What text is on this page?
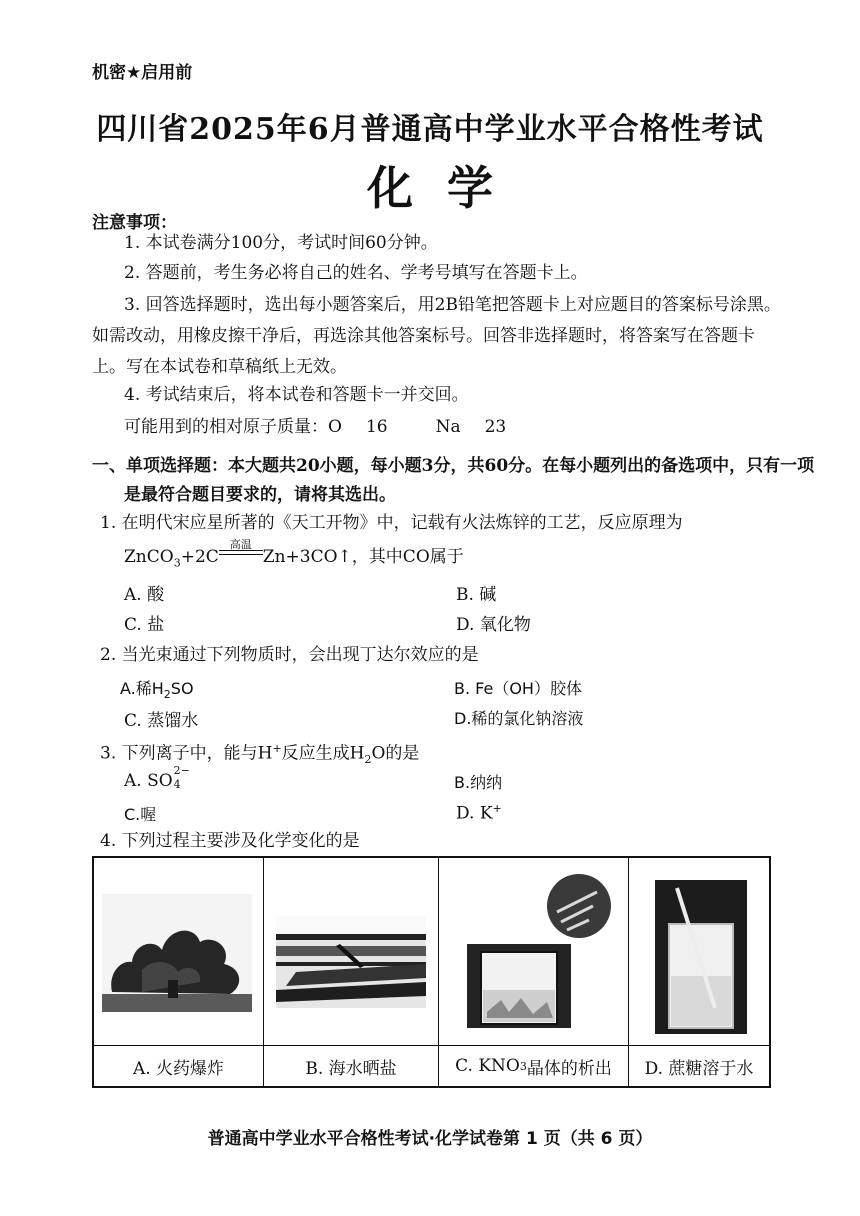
机密★启用前
四川省2025年6月普通高中学业水平合格性考试
化学
注意事项：
1. 本试卷满分100分，考试时间60分钟。
2. 答题前，考生务必将自己的姓名、学考号填写在答题卡上。
3. 回答选择题时，选出每小题答案后，用2B铅笔把答题卡上对应题目的答案标号涂黑。如需改动，用橡皮擦干净后，再选涂其他答案标号。回答非选择题时，将答案写在答题卡上。写在本试卷和草稿纸上无效。
4. 考试结束后，将本试卷和答题卡一并交回。
可能用到的相对原子质量：O 16	Na 23
一、单项选择题：本大题共20小题，每小题3分，共60分。在每小题列出的备选项中，只有一项是最符合题目要求的，请将其选出。
1. 在明代宋应星所著的《天工开物》中，记载有火法炼锌的工艺，反应原理为
ZnCO$_3$+2C
高温
Zn+3CO↑，其中CO属于
A. 酸	B. 碱
C. 盐	D. 氧化物
2. 当光束通过下列物质时，会出现丁达尔效应的是
A.稀$H_2SO$	B. Fe（OH）胶体
C. 蒸馏水	D.稀的氯化钠溶液
3. 下列离子中，能与H+反应生成$H_2O$的是
A. SO
2−
4	B.纳纳
C.喔	D. K+
4. 下列过程主要涉及化学变化的是
A. 火药爆炸	B. 海水晒盐	C. KNO 3 晶体的析出	D. 蔗糖溶于水
普通高中学业水平合格性考试·化学试卷第 1 页（共 6 页）
